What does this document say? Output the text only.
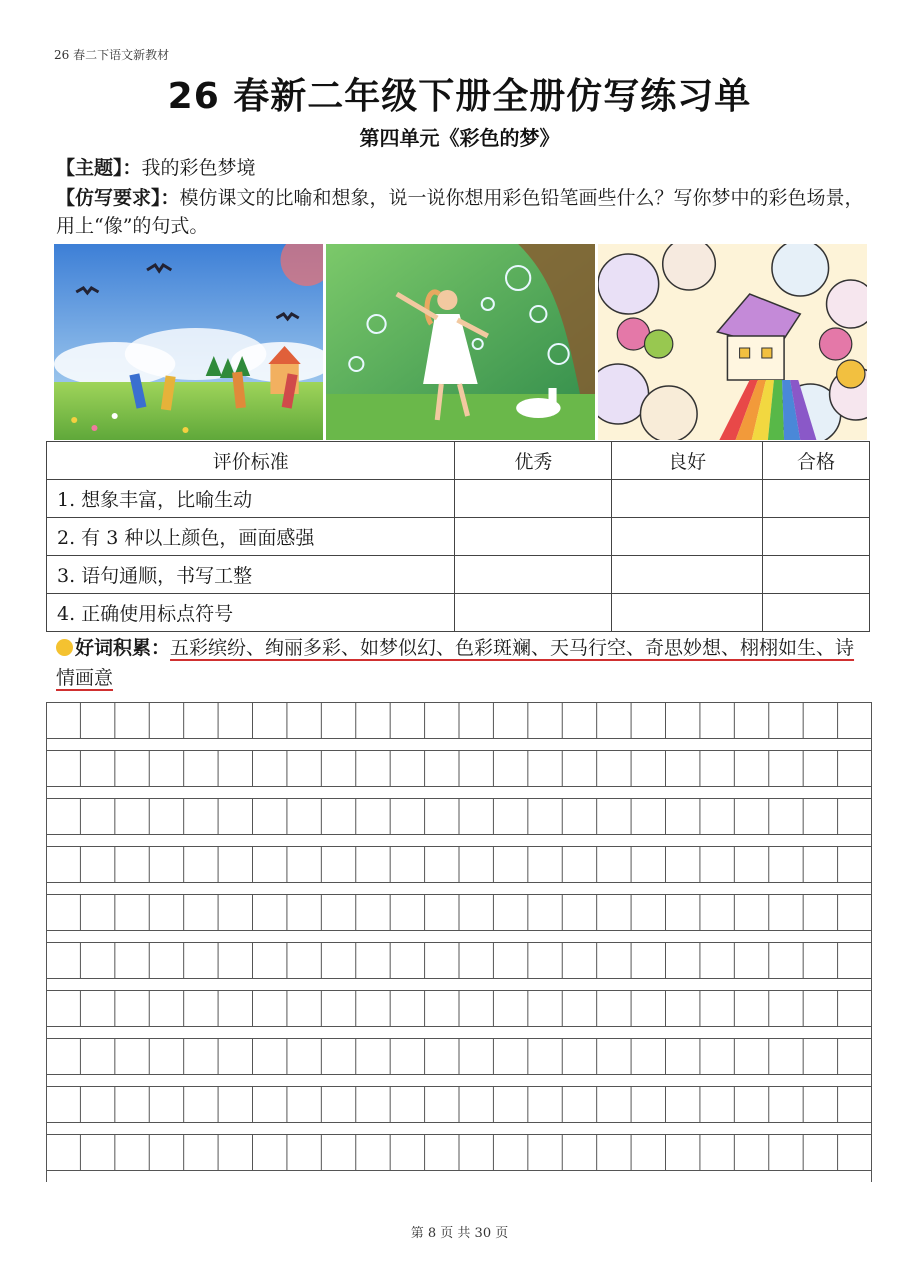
26 春二下语文新教材
26 春新二年级下册全册仿写练习单
第四单元《彩色的梦》
【主题】：我的彩色梦境
【仿写要求】：模仿课文的比喻和想象，说一说你想用彩色铅笔画些什么？写你梦中的彩色场景，用上“像”的句式。
评价标准	优秀	良好	合格
1. 想象丰富，比喻生动			
2. 有 3 种以上颜色，画面感强			
3. 语句通顺，书写工整			
4. 正确使用标点符号			
好词积累：五彩缤纷、绚丽多彩、如梦似幻、色彩斑斓、天马行空、奇思妙想、栩栩如生、诗情画意
第 8 页 共 30 页
